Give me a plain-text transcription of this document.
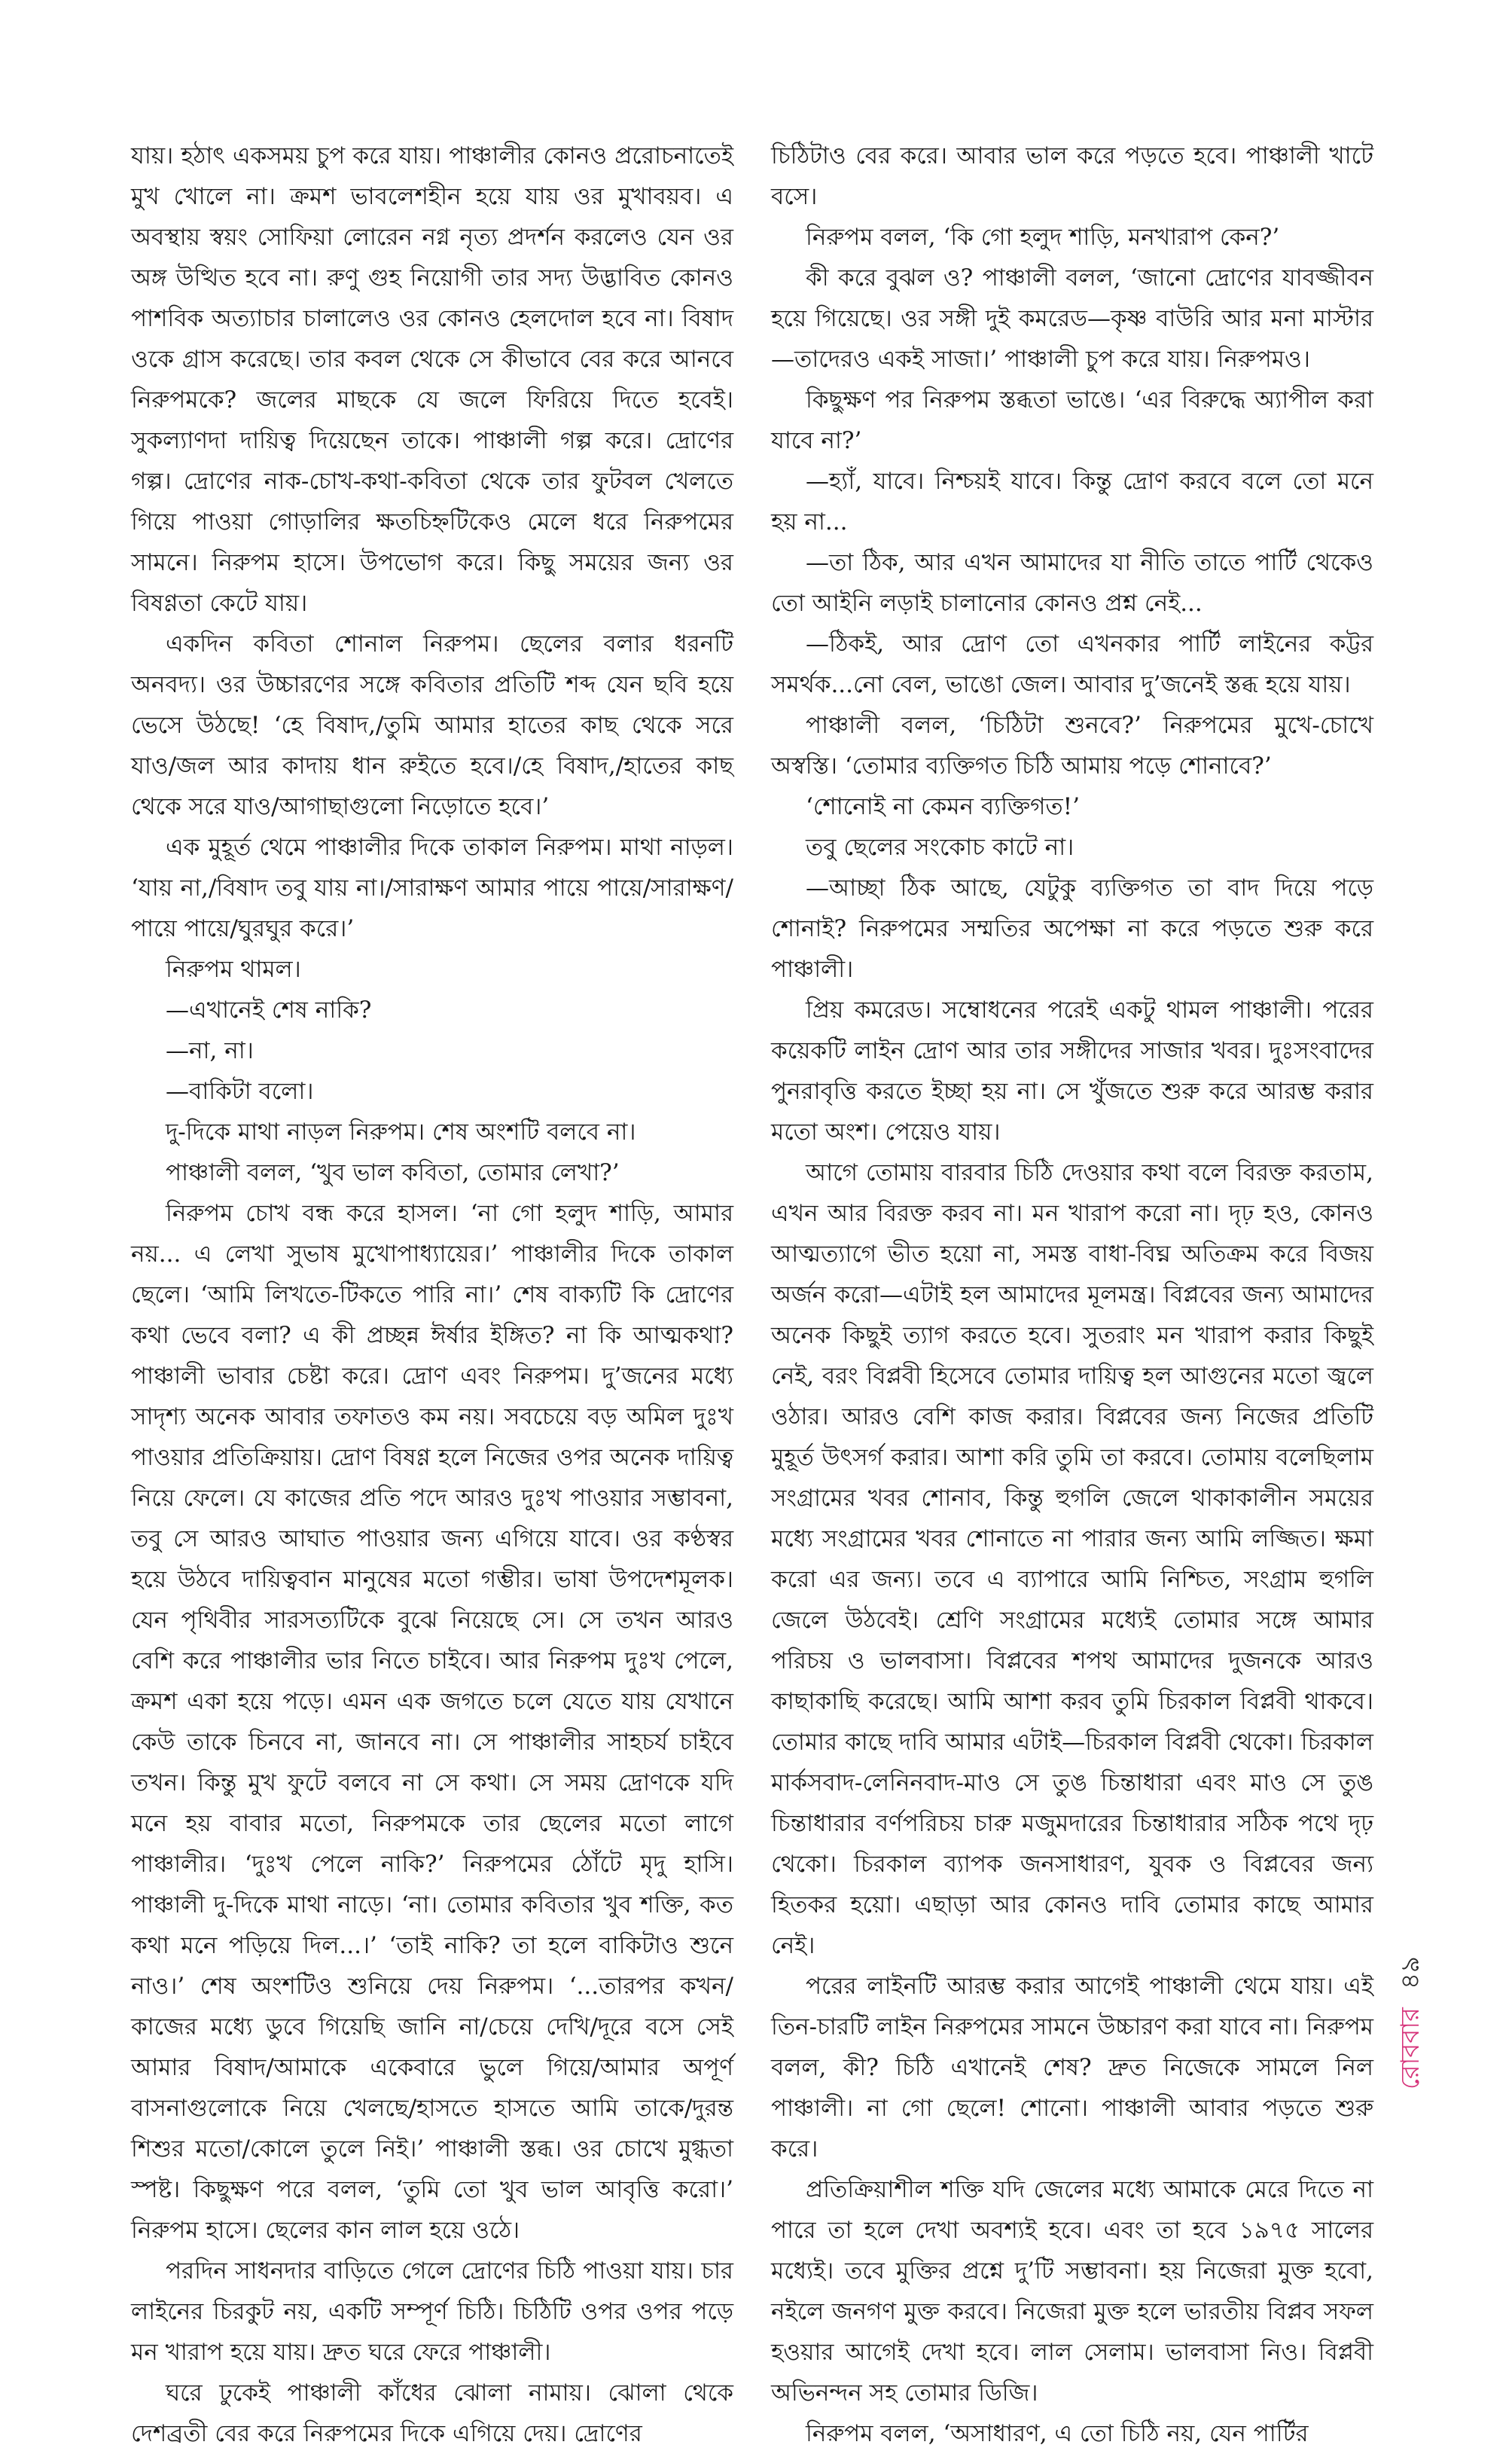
যায়। হঠাৎ একসময় চুপ করে যায়। পাঞ্চালীর কোনও প্ররোচনাতেই মুখ খোলে না। ক্রমশ ভাবলেশহীন হয়ে যায় ওর মুখাবয়ব। এ অবস্থায় স্বয়ং সোফিয়া লোরেন নগ্ন নৃত্য প্রদর্শন করলেও যেন ওর অঙ্গ উত্থিত হবে না। রুণু গুহ নিয়োগী তার সদ্য উদ্ভাবিত কোনও পাশবিক অত্যাচার চালালেও ওর কোনও হেলদোল হবে না। বিষাদ ওকে গ্রাস করেছে। তার কবল থেকে সে কীভাবে বের করে আনবে নিরুপমকে? জলের মাছকে যে জলে ফিরিয়ে দিতে হবেই। সুকল্যাণদা দায়িত্ব দিয়েছেন তাকে। পাঞ্চালী গল্প করে। দ্রোণের গল্প। দ্রোণের নাক-চোখ-কথা-কবিতা থেকে তার ফুটবল খেলতে গিয়ে পাওয়া গোড়ালির ক্ষতচিহ্নটিকেও মেলে ধরে নিরুপমের সামনে। নিরুপম হাসে। উপভোগ করে। কিছু সময়ের জন্য ওর বিষণ্ণতা কেটে যায়।

একদিন কবিতা শোনাল নিরুপম। ছেলের বলার ধরনটি অনবদ্য। ওর উচ্চারণের সঙ্গে কবিতার প্রতিটি শব্দ যেন ছবি হয়ে ভেসে উঠছে! ‘হে বিষাদ,/তুমি আমার হাতের কাছ থেকে সরে যাও/জল আর কাদায় ধান রুইতে হবে।/হে বিষাদ,/হাতের কাছ থেকে সরে যাও/আগাছাগুলো নিড়োতে হবে।’

এক মুহূর্ত থেমে পাঞ্চালীর দিকে তাকাল নিরুপম। মাথা নাড়ল। ‘যায় না,/বিষাদ তবু যায় না।/সারাক্ষণ আমার পায়ে পায়ে/সারাক্ষণ/পায়ে পায়ে/ঘুরঘুর করে।’

নিরুপম থামল।

—এখানেই শেষ নাকি?

—না, না।

—বাকিটা বলো।

দু-দিকে মাথা নাড়ল নিরুপম। শেষ অংশটি বলবে না।

পাঞ্চালী বলল, ‘খুব ভাল কবিতা, তোমার লেখা?’

নিরুপম চোখ বন্ধ করে হাসল। ‘না গো হলুদ শাড়ি, আমার নয়... এ লেখা সুভাষ মুখোপাধ্যায়ের।’ পাঞ্চালীর দিকে তাকাল ছেলে। ‘আমি লিখতে-টিকতে পারি না।’ শেষ বাক্যটি কি দ্রোণের কথা ভেবে বলা? এ কী প্রচ্ছন্ন ঈর্ষার ইঙ্গিত? না কি আত্মকথা? পাঞ্চালী ভাবার চেষ্টা করে। দ্রোণ এবং নিরুপম। দু’জনের মধ্যে সাদৃশ্য অনেক আবার তফাতও কম নয়। সবচেয়ে বড় অমিল দুঃখ পাওয়ার প্রতিক্রিয়ায়। দ্রোণ বিষণ্ণ হলে নিজের ওপর অনেক দায়িত্ব নিয়ে ফেলে। যে কাজের প্রতি পদে আরও দুঃখ পাওয়ার সম্ভাবনা, তবু সে আরও আঘাত পাওয়ার জন্য এগিয়ে যাবে। ওর কণ্ঠস্বর হয়ে উঠবে দায়িত্ববান মানুষের মতো গম্ভীর। ভাষা উপদেশমূলক। যেন পৃথিবীর সারসত্যটিকে বুঝে নিয়েছে সে। সে তখন আরও বেশি করে পাঞ্চালীর ভার নিতে চাইবে। আর নিরুপম দুঃখ পেলে, ক্রমশ একা হয়ে পড়ে। এমন এক জগতে চলে যেতে যায় যেখানে কেউ তাকে চিনবে না, জানবে না। সে পাঞ্চালীর সাহচর্য চাইবে তখন। কিন্তু মুখ ফুটে বলবে না সে কথা। সে সময় দ্রোণকে যদি মনে হয় বাবার মতো, নিরুপমকে তার ছেলের মতো লাগে পাঞ্চালীর। ‘দুঃখ পেলে নাকি?’ নিরুপমের ঠোঁটে মৃদু হাসি। পাঞ্চালী দু-দিকে মাথা নাড়ে। ‘না। তোমার কবিতার খুব শক্তি, কত কথা মনে পড়িয়ে দিল...।’ ‘তাই নাকি? তা হলে বাকিটাও শুনে নাও।’ শেষ অংশটিও শুনিয়ে দেয় নিরুপম। ‘...তারপর কখন/কাজের মধ্যে ডুবে গিয়েছি জানি না/চেয়ে দেখি/দূরে বসে সেই আমার বিষাদ/আমাকে একেবারে ভুলে গিয়ে/আমার অপূর্ণ বাসনাগুলোকে নিয়ে খেলছে/হাসতে হাসতে আমি তাকে/দুরন্ত শিশুর মতো/কোলে তুলে নিই।’ পাঞ্চালী স্তব্ধ। ওর চোখে মুগ্ধতা স্পষ্ট। কিছুক্ষণ পরে বলল, ‘তুমি তো খুব ভাল আবৃত্তি করো।’ নিরুপম হাসে। ছেলের কান লাল হয়ে ওঠে।

পরদিন সাধনদার বাড়িতে গেলে দ্রোণের চিঠি পাওয়া যায়। চার লাইনের চিরকুট নয়, একটি সম্পূর্ণ চিঠি। চিঠিটি ওপর ওপর পড়ে মন খারাপ হয়ে যায়। দ্রুত ঘরে ফেরে পাঞ্চালী।

ঘরে ঢুকেই পাঞ্চালী কাঁধের ঝোলা নামায়। ঝোলা থেকে দেশব্রতী বের করে নিরুপমের দিকে এগিয়ে দেয়। দ্রোণের

চিঠিটাও বের করে। আবার ভাল করে পড়তে হবে। পাঞ্চালী খাটে বসে।

নিরুপম বলল, ‘কি গো হলুদ শাড়ি, মনখারাপ কেন?’

কী করে বুঝল ও? পাঞ্চালী বলল, ‘জানো দ্রোণের যাবজ্জীবন হয়ে গিয়েছে। ওর সঙ্গী দুই কমরেড—কৃষ্ণ বাউরি আর মনা মাস্টার—তাদেরও একই সাজা।’ পাঞ্চালী চুপ করে যায়। নিরুপমও।

কিছুক্ষণ পর নিরুপম স্তব্ধতা ভাঙে। ‘এর বিরুদ্ধে অ্যাপীল করা যাবে না?’

—হ্যাঁ, যাবে। নিশ্চয়ই যাবে। কিন্তু দ্রোণ করবে বলে তো মনে হয় না...

—তা ঠিক, আর এখন আমাদের যা নীতি তাতে পার্টি থেকেও তো আইনি লড়াই চালানোর কোনও প্রশ্ন নেই...

—ঠিকই, আর দ্রোণ তো এখনকার পার্টি লাইনের কট্টর সমর্থক...নো বেল, ভাঙো জেল। আবার দু’জনেই স্তব্ধ হয়ে যায়।

পাঞ্চালী বলল, ‘চিঠিটা শুনবে?’ নিরুপমের মুখে-চোখে অস্বস্তি। ‘তোমার ব্যক্তিগত চিঠি আমায় পড়ে শোনাবে?’

‘শোনোই না কেমন ব্যক্তিগত!’

তবু ছেলের সংকোচ কাটে না।

—আচ্ছা ঠিক আছে, যেটুকু ব্যক্তিগত তা বাদ দিয়ে পড়ে শোনাই? নিরুপমের সম্মতির অপেক্ষা না করে পড়তে শুরু করে পাঞ্চালী।

প্রিয় কমরেড। সম্বোধনের পরেই একটু থামল পাঞ্চালী। পরের কয়েকটি লাইন দ্রোণ আর তার সঙ্গীদের সাজার খবর। দুঃসংবাদের পুনরাবৃত্তি করতে ইচ্ছা হয় না। সে খুঁজতে শুরু করে আরম্ভ করার মতো অংশ। পেয়েও যায়।

আগে তোমায় বারবার চিঠি দেওয়ার কথা বলে বিরক্ত করতাম, এখন আর বিরক্ত করব না। মন খারাপ করো না। দৃঢ় হও, কোনও আত্মত্যাগে ভীত হয়ো না, সমস্ত বাধা-বিঘ্ন অতিক্রম করে বিজয় অর্জন করো—এটাই হল আমাদের মূলমন্ত্র। বিপ্লবের জন্য আমাদের অনেক কিছুই ত্যাগ করতে হবে। সুতরাং মন খারাপ করার কিছুই নেই, বরং বিপ্লবী হিসেবে তোমার দায়িত্ব হল আগুনের মতো জ্বলে ওঠার। আরও বেশি কাজ করার। বিপ্লবের জন্য নিজের প্রতিটি মুহূর্ত উৎসর্গ করার। আশা করি তুমি তা করবে। তোমায় বলেছিলাম সংগ্রামের খবর শোনাব, কিন্তু হুগলি জেলে থাকাকালীন সময়ের মধ্যে সংগ্রামের খবর শোনাতে না পারার জন্য আমি লজ্জিত। ক্ষমা করো এর জন্য। তবে এ ব্যাপারে আমি নিশ্চিত, সংগ্রাম হুগলি জেলে উঠবেই। শ্রেণি সংগ্রামের মধ্যেই তোমার সঙ্গে আমার পরিচয় ও ভালবাসা। বিপ্লবের শপথ আমাদের দুজনকে আরও কাছাকাছি করেছে। আমি আশা করব তুমি চিরকাল বিপ্লবী থাকবে। তোমার কাছে দাবি আমার এটাই—চিরকাল বিপ্লবী থেকো। চিরকাল মার্কসবাদ-লেনিনবাদ-মাও সে তুঙ চিন্তাধারা এবং মাও সে তুঙ চিন্তাধারার বর্ণপরিচয় চারু মজুমদারের চিন্তাধারার সঠিক পথে দৃঢ় থেকো। চিরকাল ব্যাপক জনসাধারণ, যুবক ও বিপ্লবের জন্য হিতকর হয়ো। এছাড়া আর কোনও দাবি তোমার কাছে আমার নেই।

পরের লাইনটি আরম্ভ করার আগেই পাঞ্চালী থেমে যায়। এই তিন-চারটি লাইন নিরুপমের সামনে উচ্চারণ করা যাবে না। নিরুপম বলল, কী? চিঠি এখানেই শেষ? দ্রুত নিজেকে সামলে নিল পাঞ্চালী। না গো ছেলে! শোনো। পাঞ্চালী আবার পড়তে শুরু করে।

প্রতিক্রিয়াশীল শক্তি যদি জেলের মধ্যে আমাকে মেরে দিতে না পারে তা হলে দেখা অবশ্যই হবে। এবং তা হবে ১৯৭৫ সালের মধ্যেই। তবে মুক্তির প্রশ্নে দু’টি সম্ভাবনা। হয় নিজেরা মুক্ত হবো, নইলে জনগণ মুক্ত করবে। নিজেরা মুক্ত হলে ভারতীয় বিপ্লব সফল হওয়ার আগেই দেখা হবে। লাল সেলাম। ভালবাসা নিও। বিপ্লবী অভিনন্দন সহ তোমার ডিজি।

নিরুপম বলল, ‘অসাধারণ, এ তো চিঠি নয়, যেন পার্টির

রোববার
৪৯
